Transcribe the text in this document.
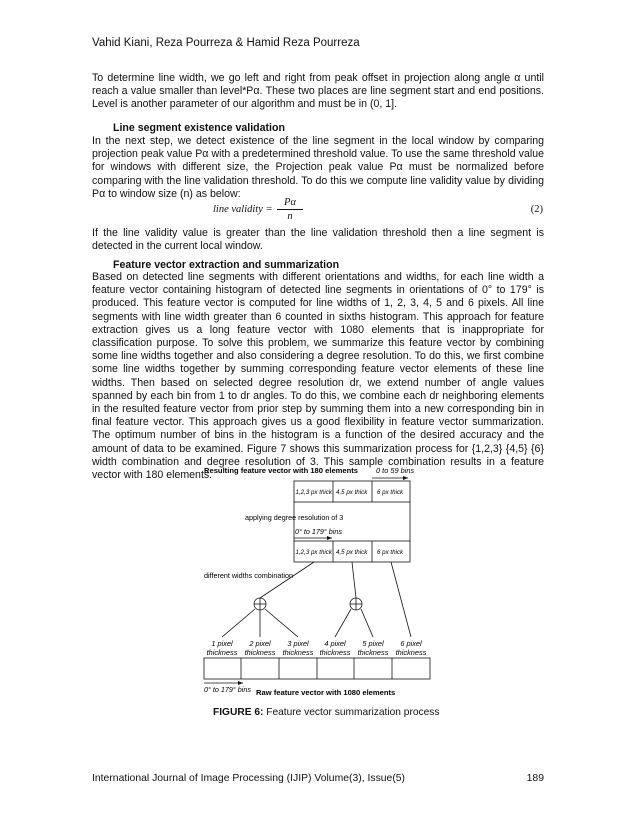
Vahid Kiani, Reza Pourreza & Hamid Reza Pourreza

To determine line width, we go left and right from peak offset in projection along angle α until reach a value smaller than level*Pα. These two places are line segment start and end positions. Level is another parameter of our algorithm and must be in (0, 1].

Line segment existence validation

In the next step, we detect existence of the line segment in the local window by comparing projection peak value Pα with a predetermined threshold value. To use the same threshold value for windows with different size, the Projection peak value Pα must be normalized before comparing with the line validation threshold. To do this we compute line validity value by dividing Pα to window size (n) as below:

line validity = $\frac{P\alpha}{n}$	(2)

If the line validity value is greater than the line validation threshold then a line segment is detected in the current local window.

Feature vector extraction and summarization

Based on detected line segments with different orientations and widths, for each line width a feature vector containing histogram of detected line segments in orientations of 0° to 179° is produced. This feature vector is computed for line widths of 1, 2, 3, 4, 5 and 6 pixels. All line segments with line width greater than 6 counted in sixths histogram. This approach for feature extraction gives us a long feature vector with 1080 elements that is inappropriate for classification purpose. To solve this problem, we summarize this feature vector by combining some line widths together and also considering a degree resolution. To do this, we first combine some line widths together by summing corresponding feature vector elements of these line widths. Then based on selected degree resolution dr, we extend number of angle values spanned by each bin from 1 to dr angles. To do this, we combine each dr neighboring elements in the resulted feature vector from prior step by summing them into a new corresponding bin in final feature vector. This approach gives us a good flexibility in feature vector summarization. The optimum number of bins in the histogram is a function of the desired accuracy and the amount of data to be examined. Figure 7 shows this summarization process for {1,2,3} {4,5} {6} width combination and degree resolution of 3. This sample combination results in a feature vector with 180 elements.

Resulting feature vector with 180 elements 0 to 59 bins
1,2,3 px thick 4,5 px thick 6 px thick
applying degree resolution of 3
0° to 179° bins
1,2,3 px thick 4,5 px thick 6 px thick
different widths combination
1 pixel
thickness
2 pixel
thickness
3 pixel
thickness
4 pixel
thickness
5 pixel
thickness
6 pixel
thickness
0° to 179° bins Raw feature vector with 1080 elements
FIGURE 6: Feature vector summarization process
International Journal of Image Processing (IJIP) Volume(3), Issue(5)	189
